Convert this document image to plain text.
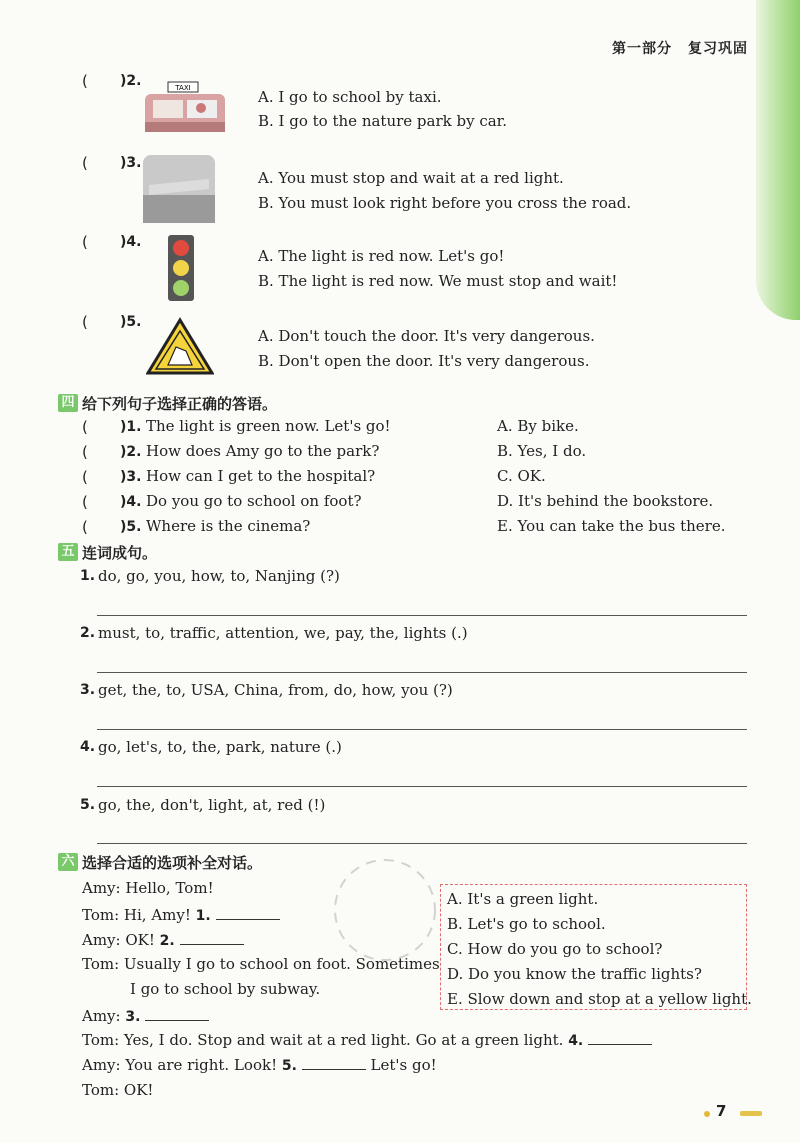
第一部分 复习巩固
( )2.	TAXI	A. I go to school by taxi.
B. I go to the nature park by car.
( )3.
A. You must stop and wait at a red light.
B. You must look right before you cross the road.
( )4.
A. The light is red now. Let's go!
B. The light is red now. We must stop and wait!
( )5.
A. Don't touch the door. It's very dangerous.
B. Don't open the door. It's very dangerous.
四 给下列句子选择正确的答语。
( )1. The light is green now. Let's go!	A. By bike.
( )2. How does Amy go to the park?	B. Yes, I do.
( )3. How can I get to the hospital?	C. OK.
( )4. Do you go to school on foot?	D. It's behind the bookstore.
( )5. Where is the cinema?	E. You can take the bus there.
五 连词成句。
1. do, go, you, how, to, Nanjing (?)
2. must, to, traffic, attention, we, pay, the, lights (.)
3. get, the, to, USA, China, from, do, how, you (?)
4. go, let's, to, the, park, nature (.)
5. go, the, don't, light, at, red (!)
六 选择合适的选项补全对话。
Amy: Hello, Tom!
Tom: Hi, Amy! 1.
Amy: OK! 2.
Tom: Usually I go to school on foot. Sometimes
I go to school by subway.
Amy: 3.
Tom: Yes, I do. Stop and wait at a red light. Go at a green light. 4.
Amy: You are right. Look! 5.	Let's go!
Tom: OK!
A. It's a green light.
B. Let's go to school.
C. How do you go to school?
D. Do you know the traffic lights?
E. Slow down and stop at a yellow light.
7
